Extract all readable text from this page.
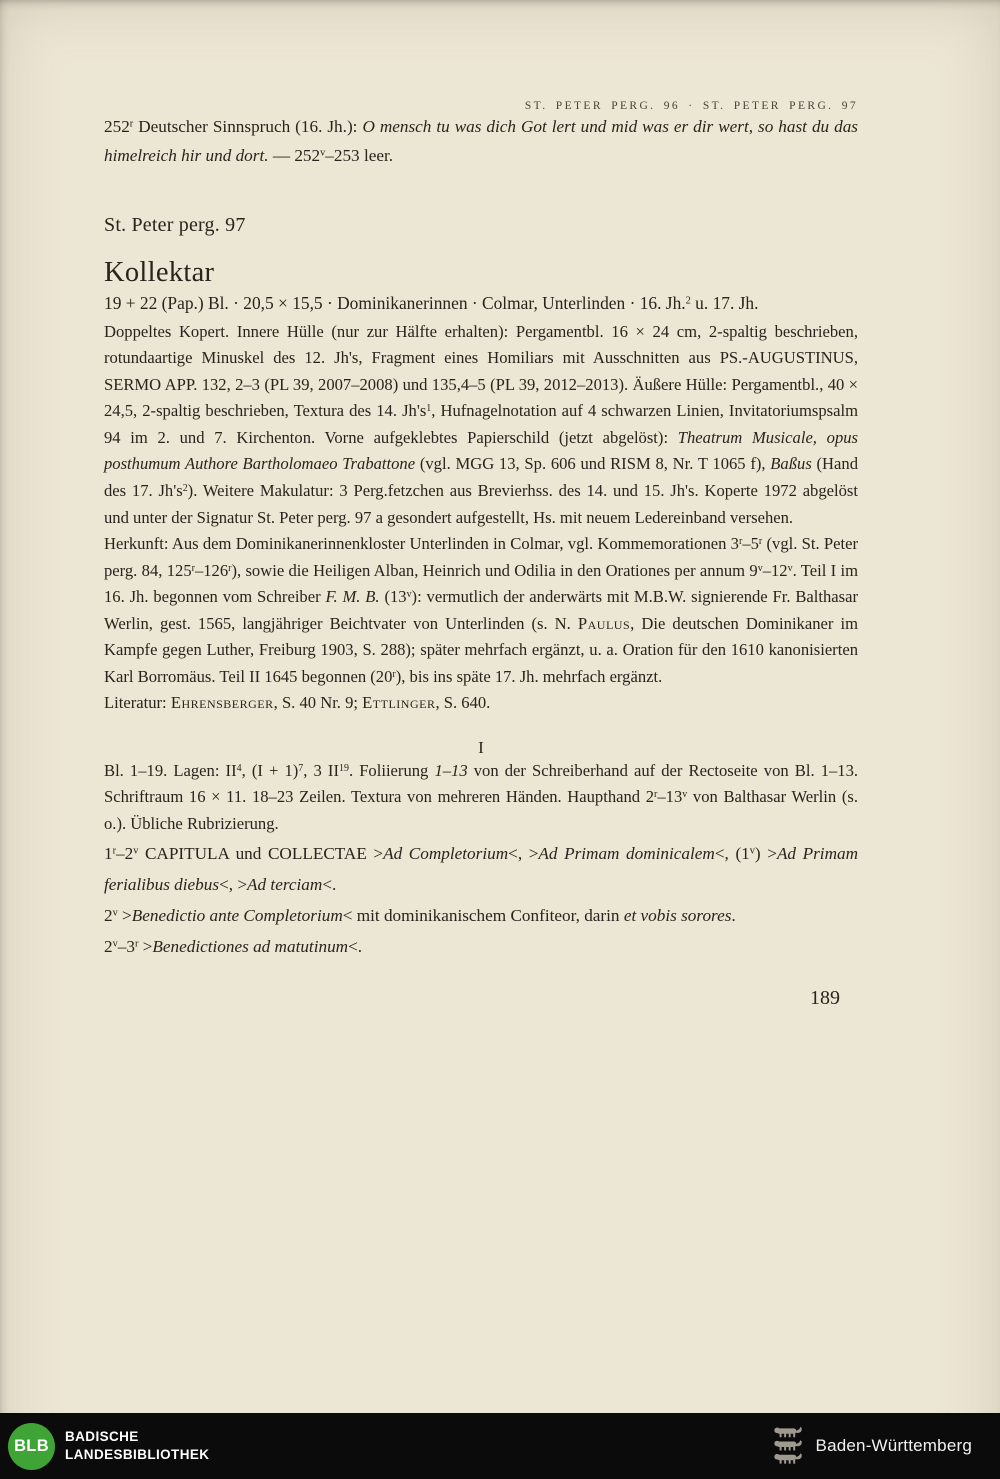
ST. PETER PERG. 96 · ST. PETER PERG. 97

252$^r$ Deutscher Sinnspruch (16. Jh.): O mensch tu was dich Got lert und mid was er dir wert, so hast du das himelreich hir und dort. — 252$^v$–253 leer.

St. Peter perg. 97
Kollektar

19 + 22 (Pap.) Bl. · 20,5 × 15,5 · Dominikanerinnen · Colmar, Unterlinden · 16. Jh.$^2$ u. 17. Jh.

Doppeltes Kopert. Innere Hülle (nur zur Hälfte erhalten): Pergamentbl. 16 × 24 cm, 2-spaltig beschrieben, rotundaartige Minuskel des 12. Jh's, Fragment eines Homiliars mit Ausschnitten aus PS.-AUGUSTINUS, SERMO APP. 132, 2–3 (PL 39, 2007–2008) und 135,4–5 (PL 39, 2012–2013). Äußere Hülle: Pergamentbl., 40 × 24,5, 2-spaltig beschrieben, Textura des 14. $Jh's^1$, Hufnagelnotation auf 4 schwarzen Linien, Invitatoriumspsalm 94 im 2. und 7. Kirchenton. Vorne aufgeklebtes Papierschild (jetzt abgelöst): Theatrum Musicale, opus posthumum Authore Bartholomaeo Trabattone (vgl. MGG 13, Sp. 606 und RISM 8, Nr. T 1065 f), Baßus (Hand des 17. $Jh's^2$). Weitere Makulatur: 3 Perg.fetzchen aus Brevierhss. des 14. und 15. Jh's. Koperte 1972 abgelöst und unter der Signatur St. Peter perg. 97 a gesondert aufgestellt, Hs. mit neuem Ledereinband versehen.

Herkunft: Aus dem Dominikanerinnenkloster Unterlinden in Colmar, vgl. Kommemorationen 3$^r$–5$^r$ (vgl. St. Peter perg. 84, 125$^r$–126$^r$), sowie die Heiligen Alban, Heinrich und Odilia in den Orationes per annum 9$^v$–12$^v$. Teil I im 16. Jh. begonnen vom Schreiber F. M. B. (13$^v$): vermutlich der anderwärts mit M.B.W. signierende Fr. Balthasar Werlin, gest. 1565, langjähriger Beichtvater von Unterlinden (s. N. Paulus, Die deutschen Dominikaner im Kampfe gegen Luther, Freiburg 1903, S. 288); später mehrfach ergänzt, u. a. Oration für den 1610 kanonisierten Karl Borromäus. Teil II 1645 begonnen (20$^r$), bis ins späte 17. Jh. mehrfach ergänzt.

Literatur: Ehrensberger, S. 40 Nr. 9; Ettlinger, S. 640.

I

Bl. 1–19. Lagen: $II^4$, $(I + 1)^7$, 3 II$^{19}$. Foliierung 1–13 von der Schreiberhand auf der Rectoseite von Bl. 1–13. Schriftraum 16 × 11. 18–23 Zeilen. Textura von mehreren Händen. Haupthand 2$^r$–13$^v$ von Balthasar Werlin (s. o.). Übliche Rubrizierung.

1$^r$–2$^v$ CAPITULA und COLLECTAE >Ad Completorium<, >Ad Primam dominicalem<, $(1^v) >Ad$ Primam ferialibus diebus<, >Ad terciam<.

$2^v$ >Benedictio ante Completorium< mit dominikanischem Confiteor, darin et vobis sorores.

$2^v-3^r$ >Benedictiones ad matutinum<.

189
BLB BADISCHE
LANDESBIBLIOTHEK	Baden-Württemberg
